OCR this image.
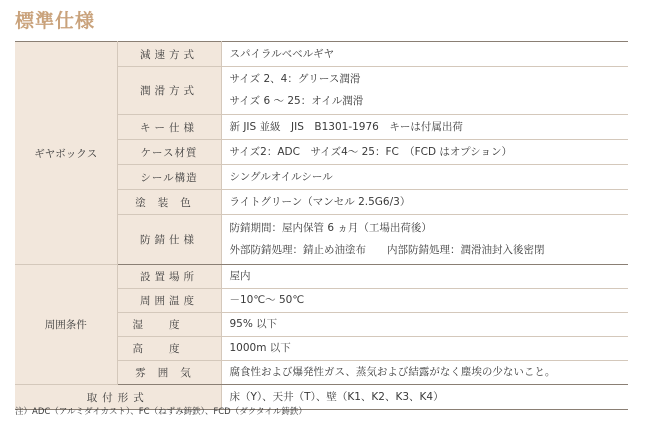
標準仕様
ギヤボックス	減速方式	スパイラルベベルギヤ

	潤滑方式	サイズ 2、4：グリース潤滑
サイズ 6 ～ 25：オイル潤滑

	キー仕様	新 JIS 並級　JIS　B1301-1976　キーは付属出荷

	ケース材質	サイズ2：ADC　サイズ4～ 25：FC　（FCD はオプション）

	シール構造	シングルオイルシール

	塗装色	ライトグリーン（マンセル 2.5G6/3）

	防錆仕様	防錆期間：屋内保管 6 ヵ月（工場出荷後）
外部防錆処理：錆止め油塗布　　内部防錆処理：潤滑油封入後密閉

周囲条件	設置場所	屋内

	周囲温度	－10℃～ 50℃

	湿度	95% 以下

	高度	1000m 以下

	雰囲気	腐食性および爆発性ガス、蒸気および結露がなく塵埃の少ないこと。

取付形式		床（Y）、天井（T）、壁（K1、K2、K3、K4）
注）ADC（アルミダイカスト）、FC（ねずみ鋳鉄）、FCD（ダクタイル鋳鉄）
